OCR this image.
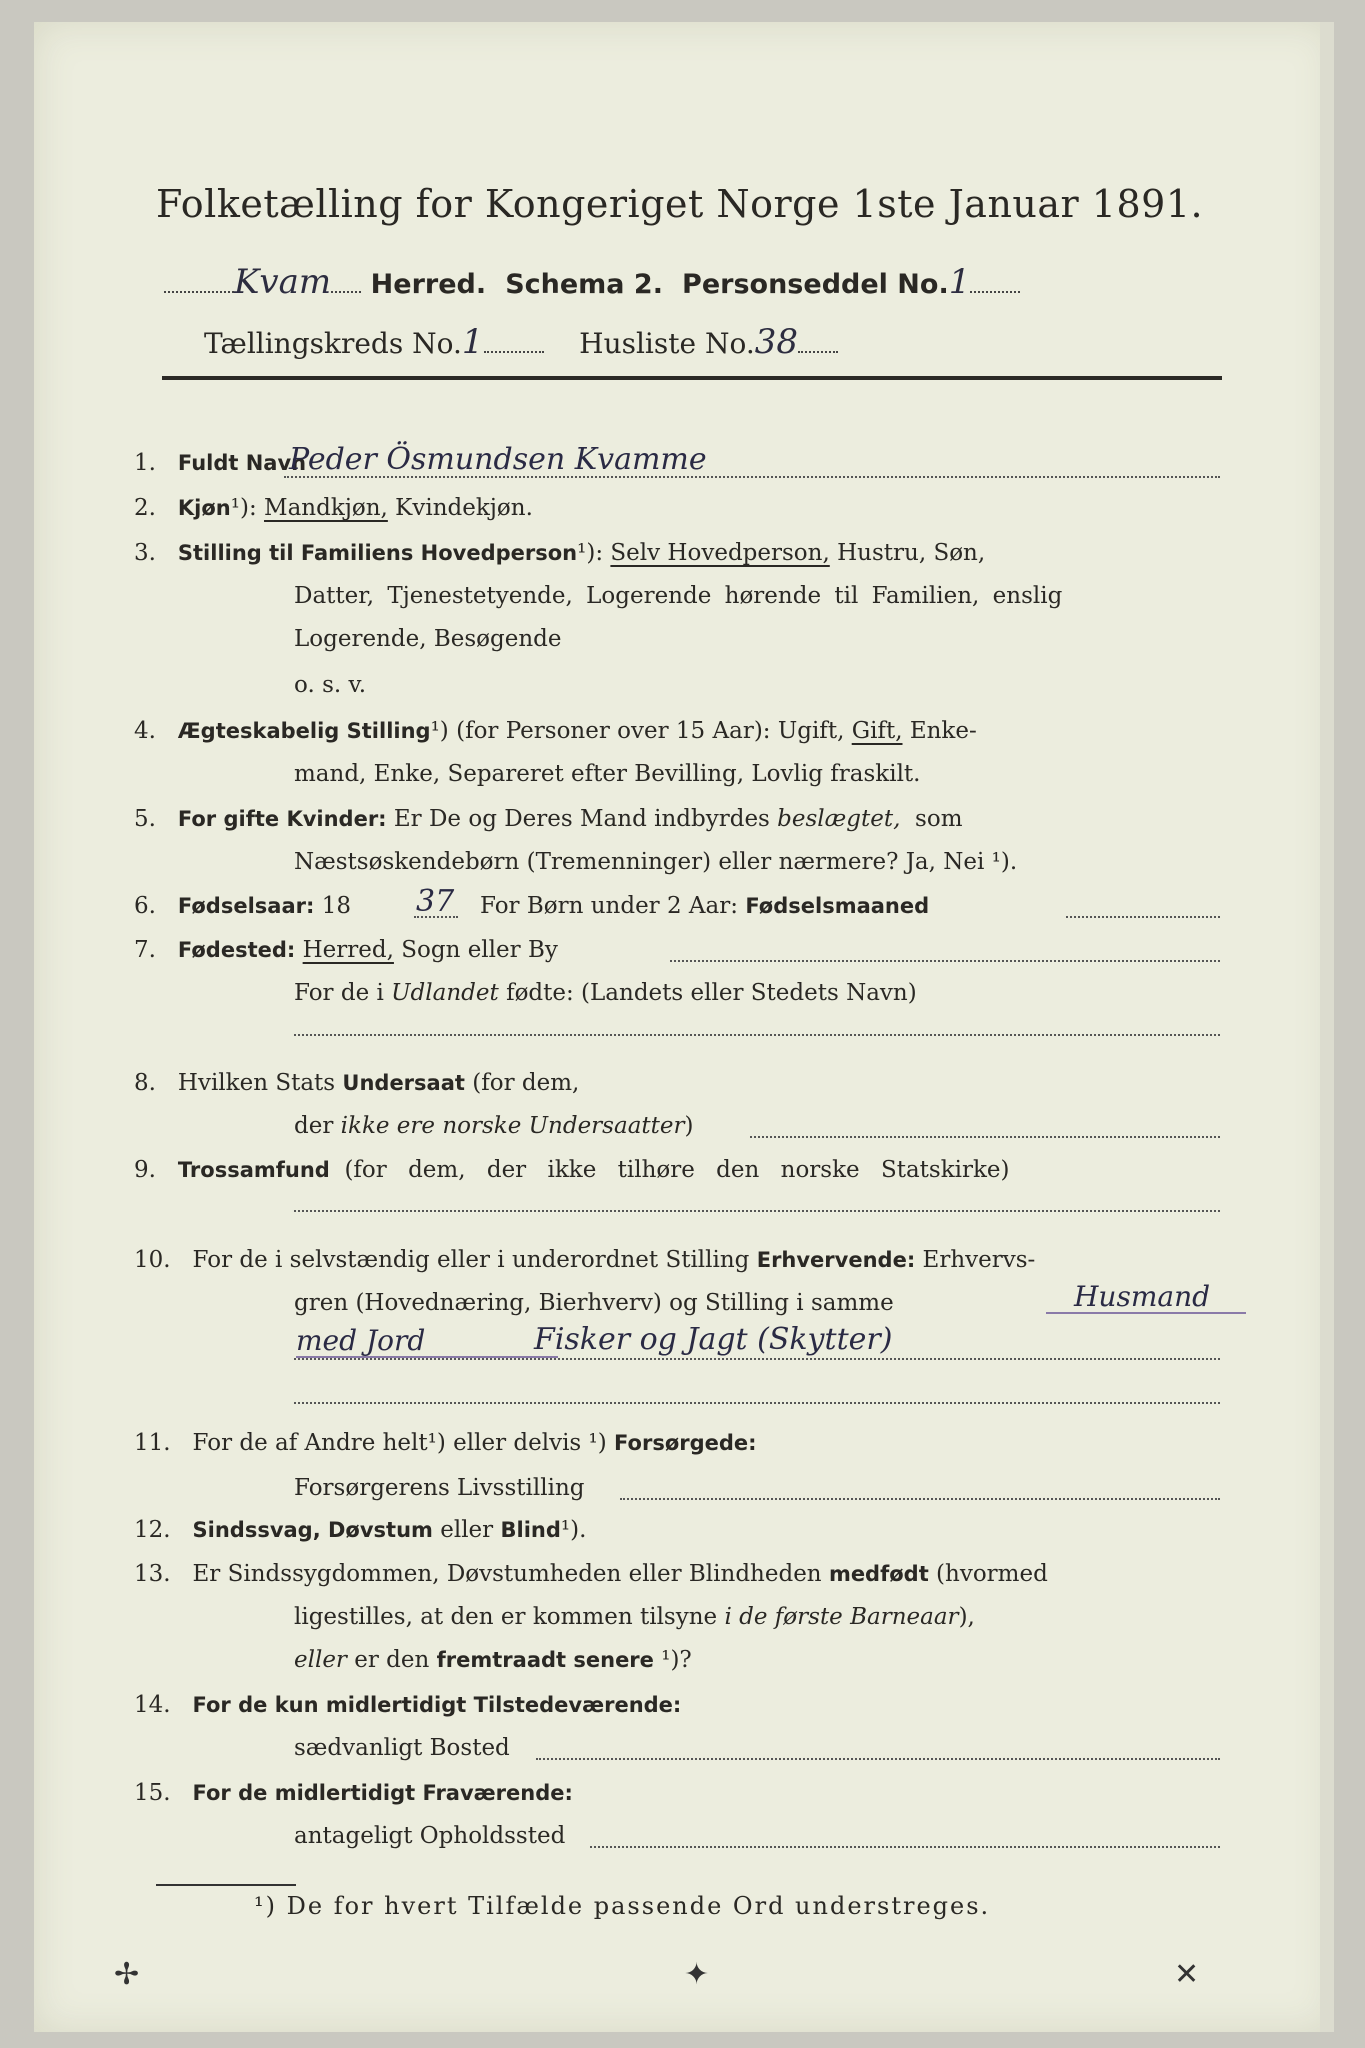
Folketælling for Kongeriget Norge 1ste Januar 1891.
Kvam Herred. Schema 2. Personseddel No.1
Tællingskreds No.1	Husliste No.38
1. Fuldt Navn
Peder Ösmundsen Kvamme
2. Kjøn¹): Mandkjøn, Kvindekjøn.
3. Stilling til Familiens Hovedperson¹): Selv Hovedperson, Hustru, Søn,
Datter, Tjenestetyende, Logerende hørende til Familien, enslig
Logerende, Besøgende
o. s. v.
4. Ægteskabelig Stilling¹) (for Personer over 15 Aar): Ugift, Gift, Enke-
mand, Enke, Separeret efter Bevilling, Lovlig fraskilt.
5. For gifte Kvinder: Er De og Deres Mand indbyrdes beslægtet, som
Næstsøskendebørn (Tremenninger) eller nærmere? Ja, Nei ¹).
6. Fødselsaar: 18 37 For Børn under 2 Aar: Fødselsmaaned
7. Fødested: Herred, Sogn eller By
For de i Udlandet fødte: (Landets eller Stedets Navn)
8. Hvilken Stats Undersaat (for dem,
der ikke ere norske Undersaatter)
9. Trossamfund (for dem, der ikke tilhøre den norske Statskirke)
10. For de i selvstændig eller i underordnet Stilling Erhvervende: Erhvervs-
gren (Hovednæring, Bierhverv) og Stilling i samme	Husmand
med Jord	Fisker og Jagt (Skytter)
11. For de af Andre helt¹) eller delvis ¹) Forsørgede:
Forsørgerens Livsstilling
12. Sindssvag, Døvstum eller Blind¹).
13. Er Sindssygdommen, Døvstumheden eller Blindheden medfødt (hvormed
ligestilles, at den er kommen tilsyne i de første Barneaar),
eller er den fremtraadt senere ¹)?
14. For de kun midlertidigt Tilstedeværende:
sædvanligt Bosted
15. For de midlertidigt Fraværende:
antageligt Opholdssted
¹) De for hvert Tilfælde passende Ord understreges.
✢	✦	✕
